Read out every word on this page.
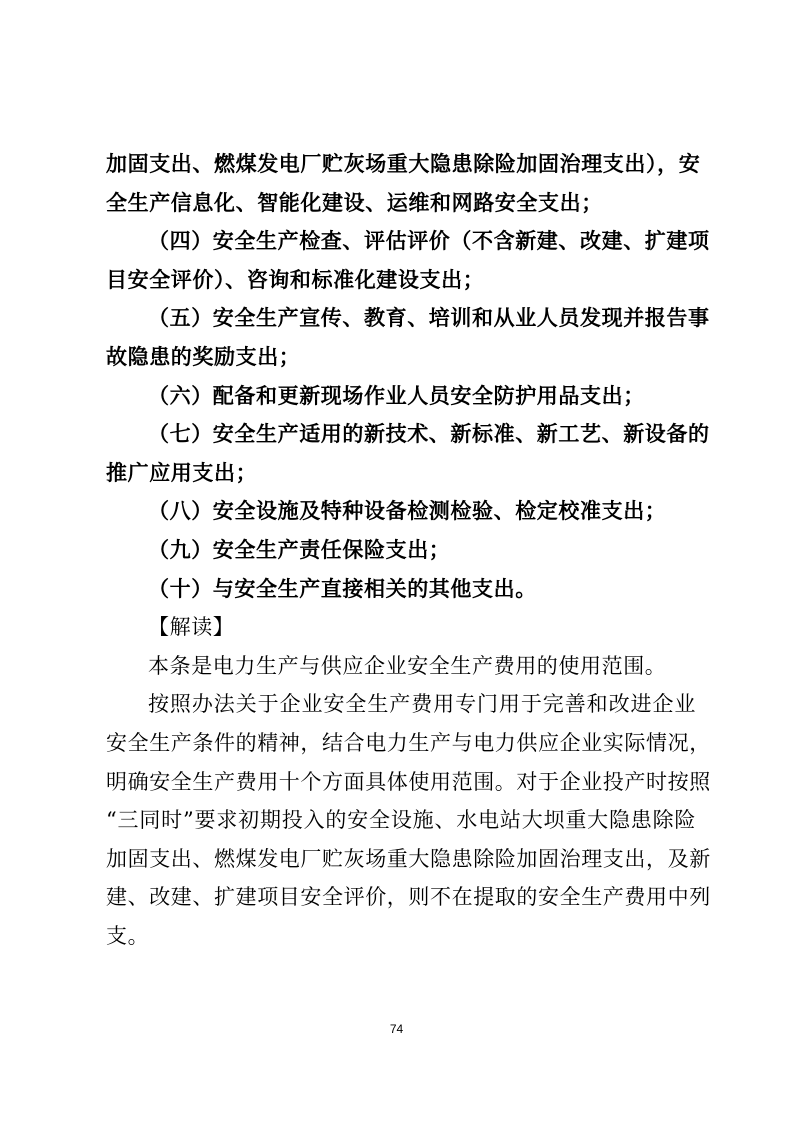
加固支出、燃煤发电厂贮灰场重大隐患除险加固治理支出），安
全生产信息化、智能化建设、运维和网路安全支出；
（四）安全生产检查、评估评价（不含新建、改建、扩建项
目安全评价）、咨询和标准化建设支出；
（五）安全生产宣传、教育、培训和从业人员发现并报告事
故隐患的奖励支出；
（六）配备和更新现场作业人员安全防护用品支出；
（七）安全生产适用的新技术、新标准、新工艺、新设备的
推广应用支出；
（八）安全设施及特种设备检测检验、检定校准支出；
（九）安全生产责任保险支出；
（十）与安全生产直接相关的其他支出。
【解读】
本条是电力生产与供应企业安全生产费用的使用范围。
按照办法关于企业安全生产费用专门用于完善和改进企业
安全生产条件的精神，结合电力生产与电力供应企业实际情况，
明确安全生产费用十个方面具体使用范围。对于企业投产时按照
“三同时”要求初期投入的安全设施、水电站大坝重大隐患除险
加固支出、燃煤发电厂贮灰场重大隐患除险加固治理支出，及新
建、改建、扩建项目安全评价，则不在提取的安全生产费用中列
支。
74
